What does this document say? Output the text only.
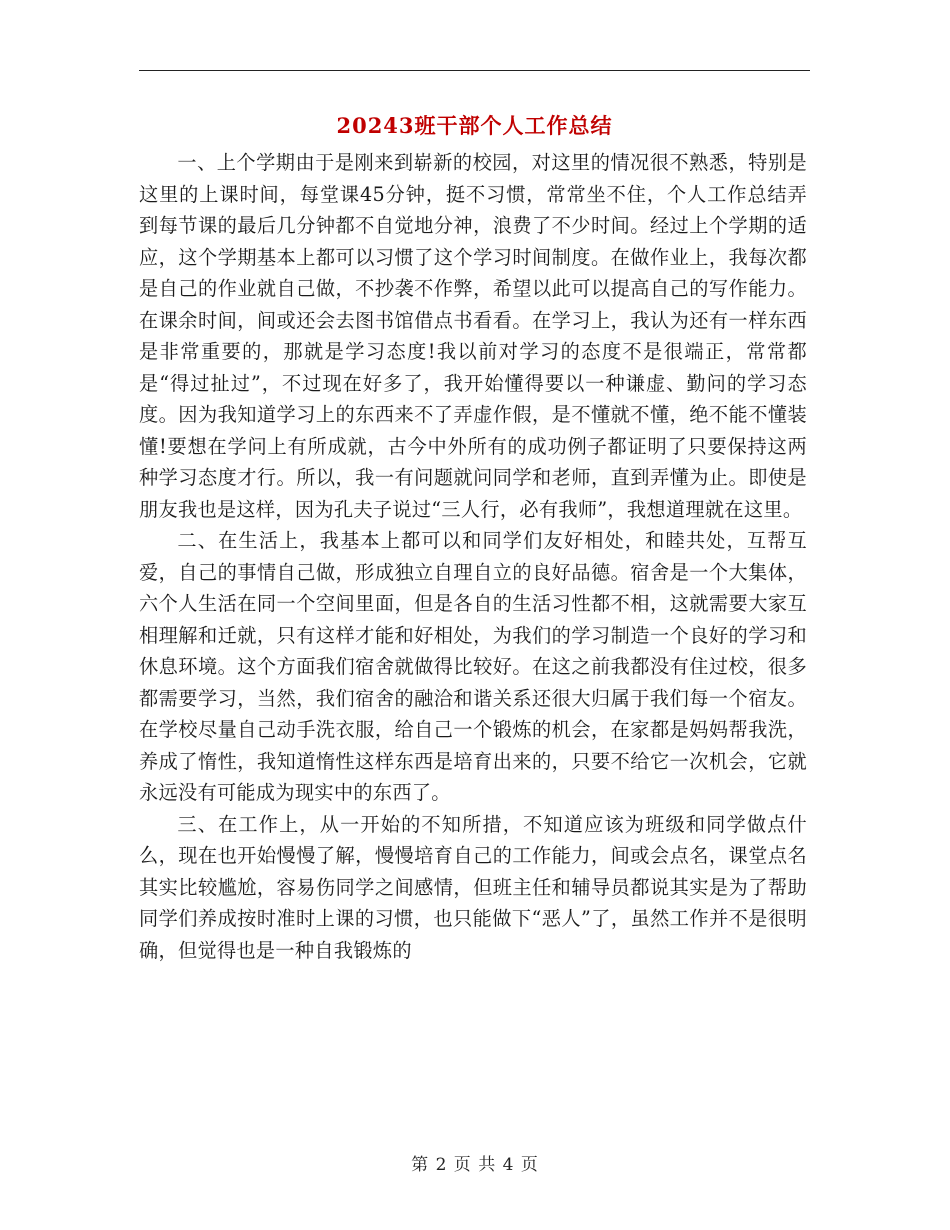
20243班干部个人工作总结

一、上个学期由于是刚来到崭新的校园，对这里的情况很不熟悉，特别是这里的上课时间，每堂课45分钟，挺不习惯，常常坐不住，个人工作总结弄到每节课的最后几分钟都不自觉地分神，浪费了不少时间。经过上个学期的适应，这个学期基本上都可以习惯了这个学习时间制度。在做作业上，我每次都是自己的作业就自己做，不抄袭不作弊，希望以此可以提高自己的写作能力。在课余时间，间或还会去图书馆借点书看看。在学习上，我认为还有一样东西是非常重要的，那就是学习态度!我以前对学习的态度不是很端正，常常都是“得过扯过”，不过现在好多了，我开始懂得要以一种谦虚、勤问的学习态度。因为我知道学习上的东西来不了弄虚作假，是不懂就不懂，绝不能不懂装懂!要想在学问上有所成就，古今中外所有的成功例子都证明了只要保持这两种学习态度才行。所以，我一有问题就问同学和老师，直到弄懂为止。即使是朋友我也是这样，因为孔夫子说过“三人行，必有我师”，我想道理就在这里。

二、在生活上，我基本上都可以和同学们友好相处，和睦共处，互帮互爱，自己的事情自己做，形成独立自理自立的良好品德。宿舍是一个大集体，六个人生活在同一个空间里面，但是各自的生活习性都不相，这就需要大家互相理解和迁就，只有这样才能和好相处，为我们的学习制造一个良好的学习和休息环境。这个方面我们宿舍就做得比较好。在这之前我都没有住过校，很多都需要学习，当然，我们宿舍的融洽和谐关系还很大归属于我们每一个宿友。在学校尽量自己动手洗衣服，给自己一个锻炼的机会，在家都是妈妈帮我洗，养成了惰性，我知道惰性这样东西是培育出来的，只要不给它一次机会，它就永远没有可能成为现实中的东西了。

三、在工作上，从一开始的不知所措，不知道应该为班级和同学做点什么，现在也开始慢慢了解，慢慢培育自己的工作能力，间或会点名，课堂点名其实比较尴尬，容易伤同学之间感情，但班主任和辅导员都说其实是为了帮助同学们养成按时准时上课的习惯，也只能做下“恶人”了，虽然工作并不是很明确，但觉得也是一种自我锻炼的

第 2 页 共 4 页
